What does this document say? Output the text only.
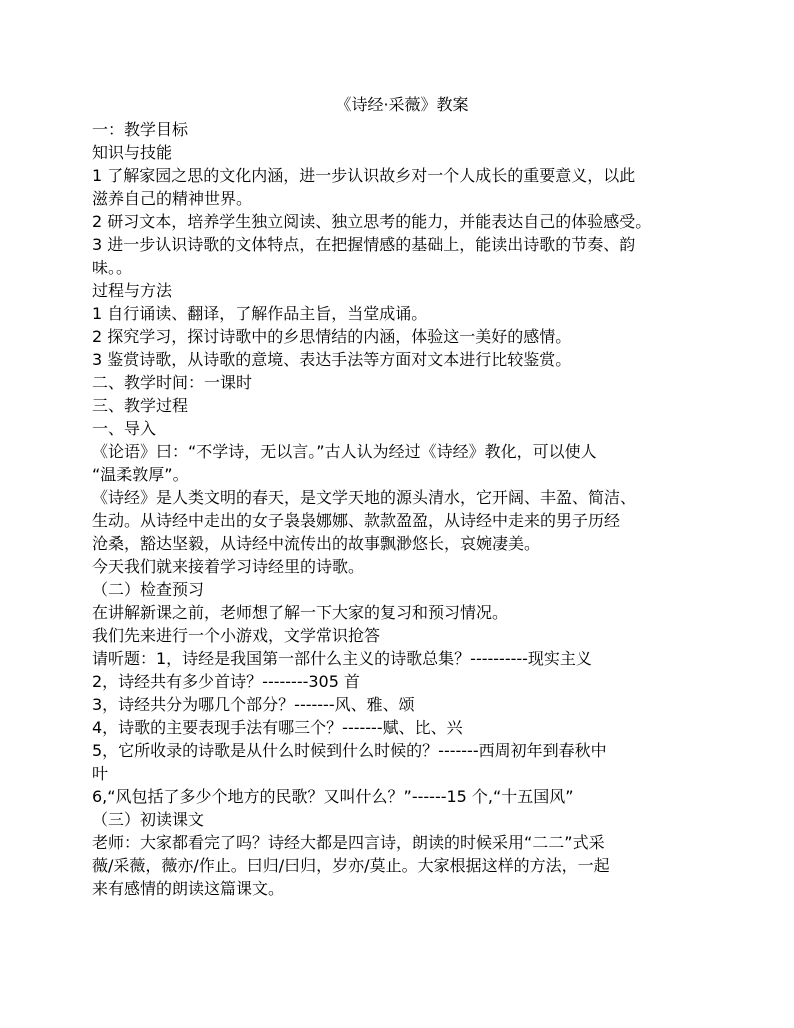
《诗经·采薇》教案
一：教学目标
知识与技能
1 了解家园之思的文化内涵，进一步认识故乡对一个人成长的重要意义，以此
滋养自己的精神世界。
2 研习文本，培养学生独立阅读、独立思考的能力，并能表达自己的体验感受。
3 进一步认识诗歌的文体特点，在把握情感的基础上，能读出诗歌的节奏、韵
味。。
过程与方法
1 自行诵读、翻译，了解作品主旨，当堂成诵。
2 探究学习，探讨诗歌中的乡思情结的内涵，体验这一美好的感情。
3 鉴赏诗歌，从诗歌的意境、表达手法等方面对文本进行比较鉴赏。
二、教学时间：一课时
三、教学过程
一、导入
《论语》曰：“不学诗，无以言。”古人认为经过《诗经》教化，可以使人
“温柔敦厚”。
《诗经》是人类文明的春天，是文学天地的源头清水，它开阔、丰盈、简洁、
生动。从诗经中走出的女子袅袅娜娜、款款盈盈，从诗经中走来的男子历经
沧桑，豁达坚毅，从诗经中流传出的故事飘渺悠长，哀婉凄美。
今天我们就来接着学习诗经里的诗歌。
（二）检查预习
在讲解新课之前，老师想了解一下大家的复习和预习情况。
我们先来进行一个小游戏，文学常识抢答
请听题：1，诗经是我国第一部什么主义的诗歌总集？----------现实主义
2，诗经共有多少首诗？--------305 首
3，诗经共分为哪几个部分？-------风、雅、颂
4，诗歌的主要表现手法有哪三个？-------赋、比、兴
5，它所收录的诗歌是从什么时候到什么时候的？-------西周初年到春秋中
叶
6,“风包括了多少个地方的民歌？又叫什么？”------15 个,“十五国风”
（三）初读课文
老师：大家都看完了吗？诗经大都是四言诗，朗读的时候采用“二二”式采
薇/采薇，薇亦/作止。曰归/曰归，岁亦/莫止。大家根据这样的方法，一起
来有感情的朗读这篇课文。
